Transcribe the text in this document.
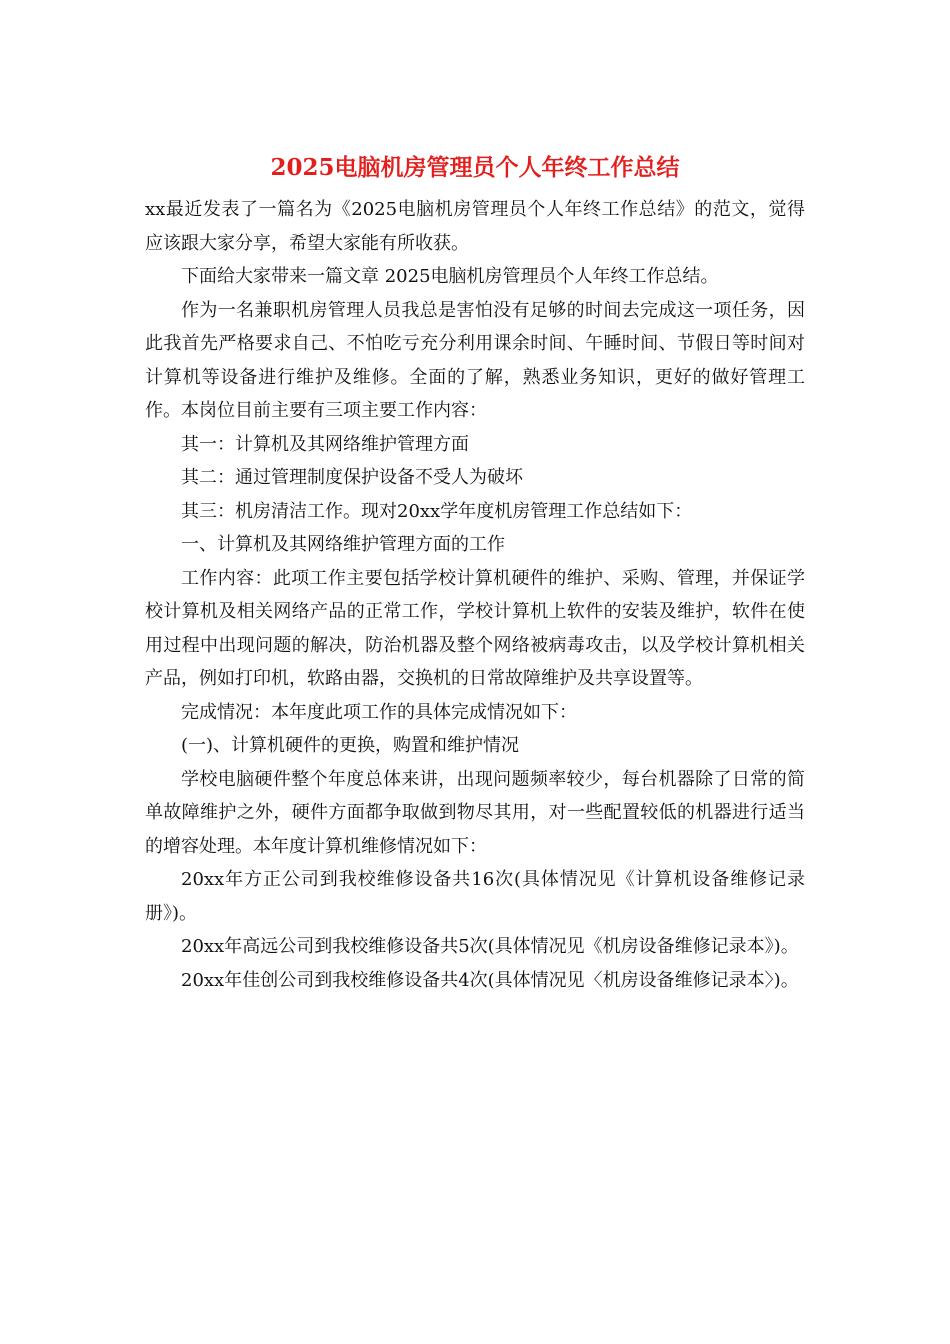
2025电脑机房管理员个人年终工作总结

xx最近发表了一篇名为《2025电脑机房管理员个人年终工作总结》的范文，觉得应该跟大家分享，希望大家能有所收获。

下面给大家带来一篇文章 2025电脑机房管理员个人年终工作总结。

作为一名兼职机房管理人员我总是害怕没有足够的时间去完成这一项任务，因此我首先严格要求自己、不怕吃亏充分利用课余时间、午睡时间、节假日等时间对计算机等设备进行维护及维修。全面的了解，熟悉业务知识，更好的做好管理工作。本岗位目前主要有三项主要工作内容：

其一：计算机及其网络维护管理方面

其二：通过管理制度保护设备不受人为破坏

其三：机房清洁工作。现对20xx学年度机房管理工作总结如下：

一、计算机及其网络维护管理方面的工作

工作内容：此项工作主要包括学校计算机硬件的维护、采购、管理，并保证学校计算机及相关网络产品的正常工作，学校计算机上软件的安装及维护，软件在使用过程中出现问题的解决，防治机器及整个网络被病毒攻击，以及学校计算机相关产品，例如打印机，软路由器，交换机的日常故障维护及共享设置等。

完成情况：本年度此项工作的具体完成情况如下：

(一)、计算机硬件的更换，购置和维护情况

学校电脑硬件整个年度总体来讲，出现问题频率较少，每台机器除了日常的简单故障维护之外，硬件方面都争取做到物尽其用，对一些配置较低的机器进行适当的增容处理。本年度计算机维修情况如下：

20xx年方正公司到我校维修设备共16次(具体情况见《计算机设备维修记录册》)。

20xx年高远公司到我校维修设备共5次(具体情况见《机房设备维修记录本》)。

20xx年佳创公司到我校维修设备共4次(具体情况见〈机房设备维修记录本〉)。
